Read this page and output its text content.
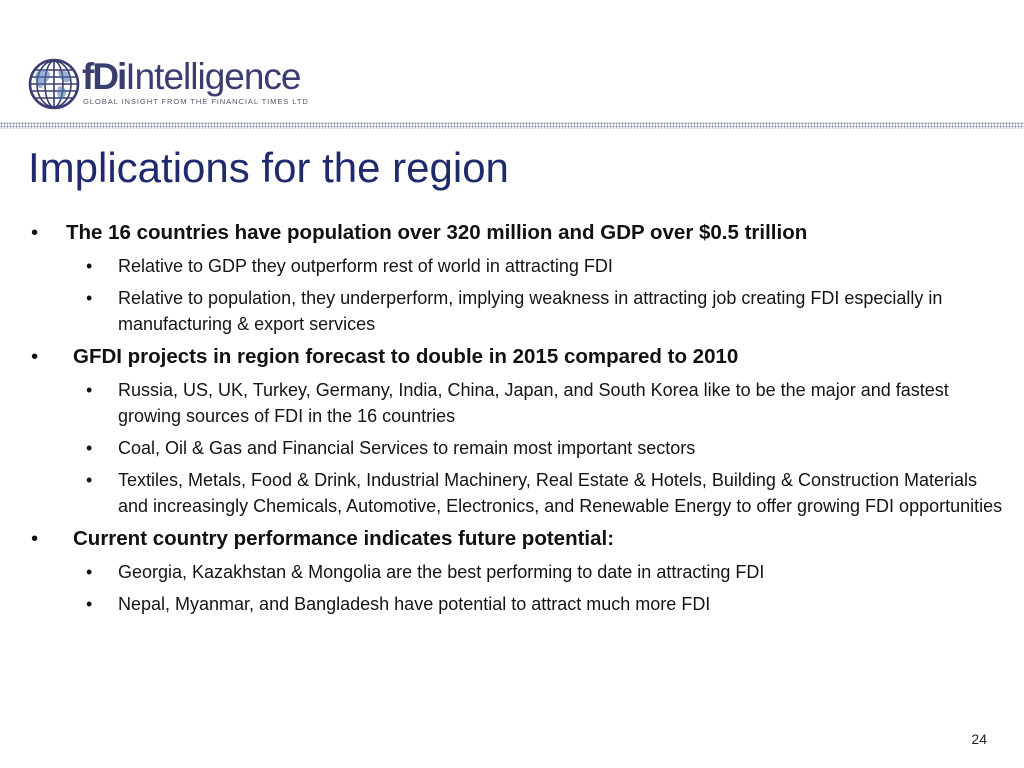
fDiIntelligence
GLOBAL INSIGHT FROM THE FINANCIAL TIMES LTD
Implications for the region
• The 16 countries have population over 320 million and GDP over $0.5 trillion
• Relative to GDP they outperform rest of world in attracting FDI
• Relative to population, they underperform, implying weakness in attracting job creating FDI especially in manufacturing & export services
• GFDI projects in region forecast to double in 2015 compared to 2010
• Russia, US, UK, Turkey, Germany, India, China, Japan, and South Korea like to be the major and fastest growing sources of FDI in the 16 countries
• Coal, Oil & Gas and Financial Services to remain most important sectors
• Textiles, Metals, Food & Drink, Industrial Machinery, Real Estate & Hotels, Building & Construction Materials and increasingly Chemicals, Automotive, Electronics, and Renewable Energy to offer growing FDI opportunities
• Current country performance indicates future potential:
• Georgia, Kazakhstan & Mongolia are the best performing to date in attracting FDI
• Nepal, Myanmar, and Bangladesh have potential to attract much more FDI
24
